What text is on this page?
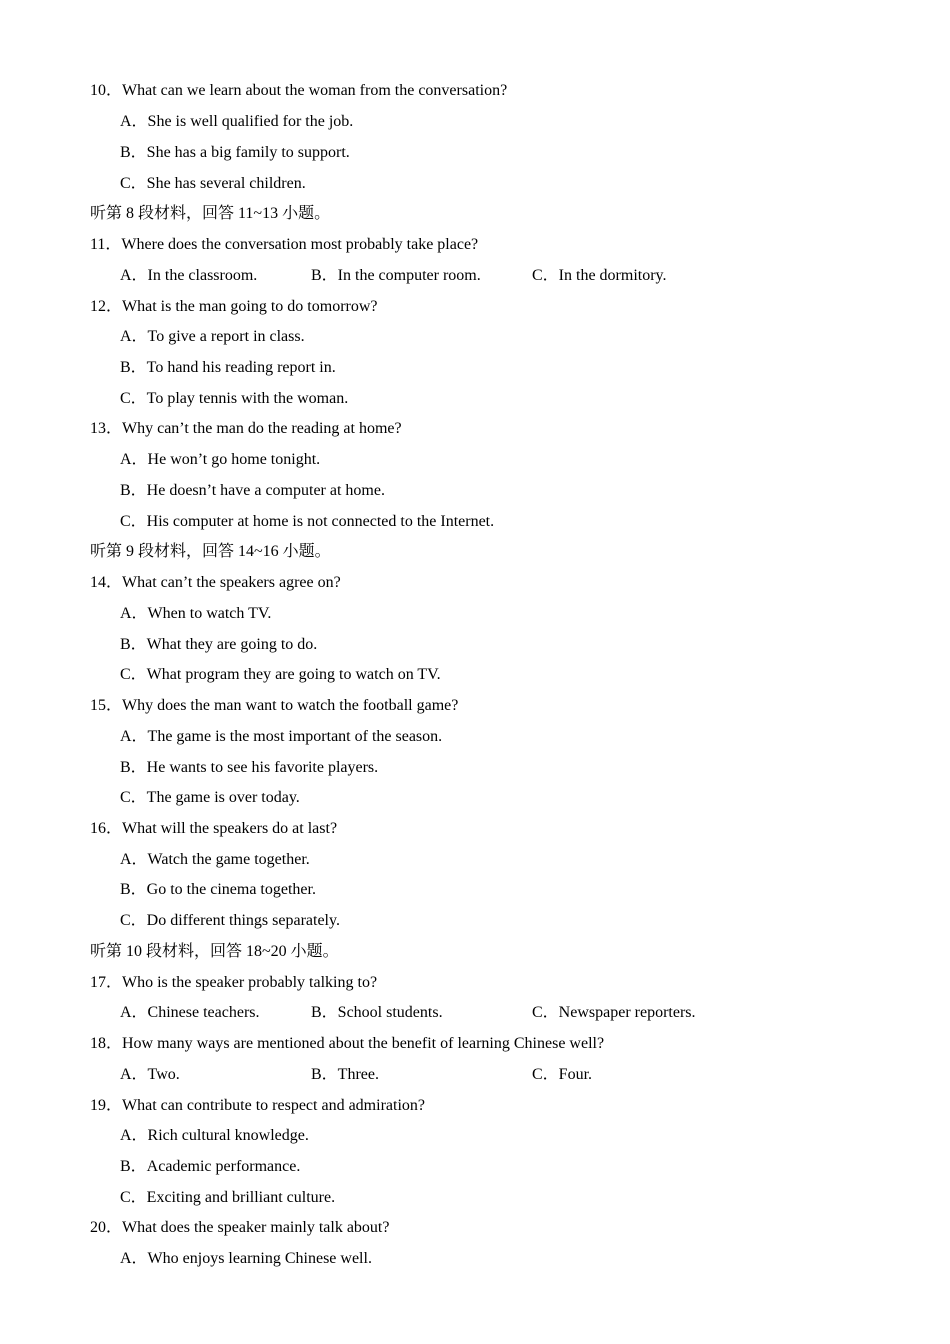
10．What can we learn about the woman from the conversation?
A．She is well qualified for the job.
B．She has a big family to support.
C．She has several children.
听第 8 段材料，回答 11~13 小题。
11．Where does the conversation most probably take place?
A．In the classroom.	B．In the computer room.	C．In the dormitory.
12．What is the man going to do tomorrow?
A．To give a report in class.
B．To hand his reading report in.
C．To play tennis with the woman.
13．Why can’t the man do the reading at home?
A．He won’t go home tonight.
B．He doesn’t have a computer at home.
C．His computer at home is not connected to the Internet.
听第 9 段材料，回答 14~16 小题。
14．What can’t the speakers agree on?
A．When to watch TV.
B．What they are going to do.
C．What program they are going to watch on TV.
15．Why does the man want to watch the football game?
A．The game is the most important of the season.
B．He wants to see his favorite players.
C．The game is over today.
16．What will the speakers do at last?
A．Watch the game together.
B．Go to the cinema together.
C．Do different things separately.
听第 10 段材料，回答 18~20 小题。
17．Who is the speaker probably talking to?
A．Chinese teachers.	B．School students.	C．Newspaper reporters.
18．How many ways are mentioned about the benefit of learning Chinese well?
A．Two.	B．Three.	C．Four.
19．What can contribute to respect and admiration?
A．Rich cultural knowledge.
B．Academic performance.
C．Exciting and brilliant culture.
20．What does the speaker mainly talk about?
A．Who enjoys learning Chinese well.
